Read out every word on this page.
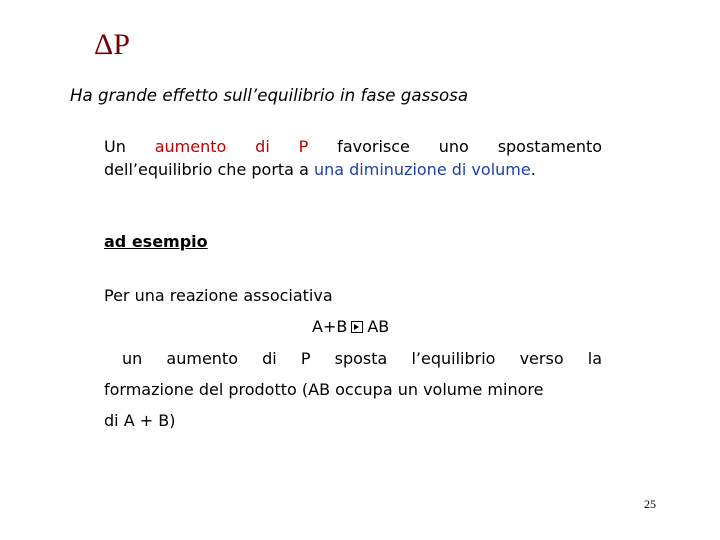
ΔP
Ha grande effetto sull’equilibrio in fase gassosa
Un aumento di P favorisce uno spostamento
dell’equilibrio che porta a una diminuzione di volume.
ad esempio
Per una reazione associativa
A+B AB
un aumento di P sposta l’equilibrio verso la
formazione del prodotto (AB occupa un volume minore
di A + B)
25
